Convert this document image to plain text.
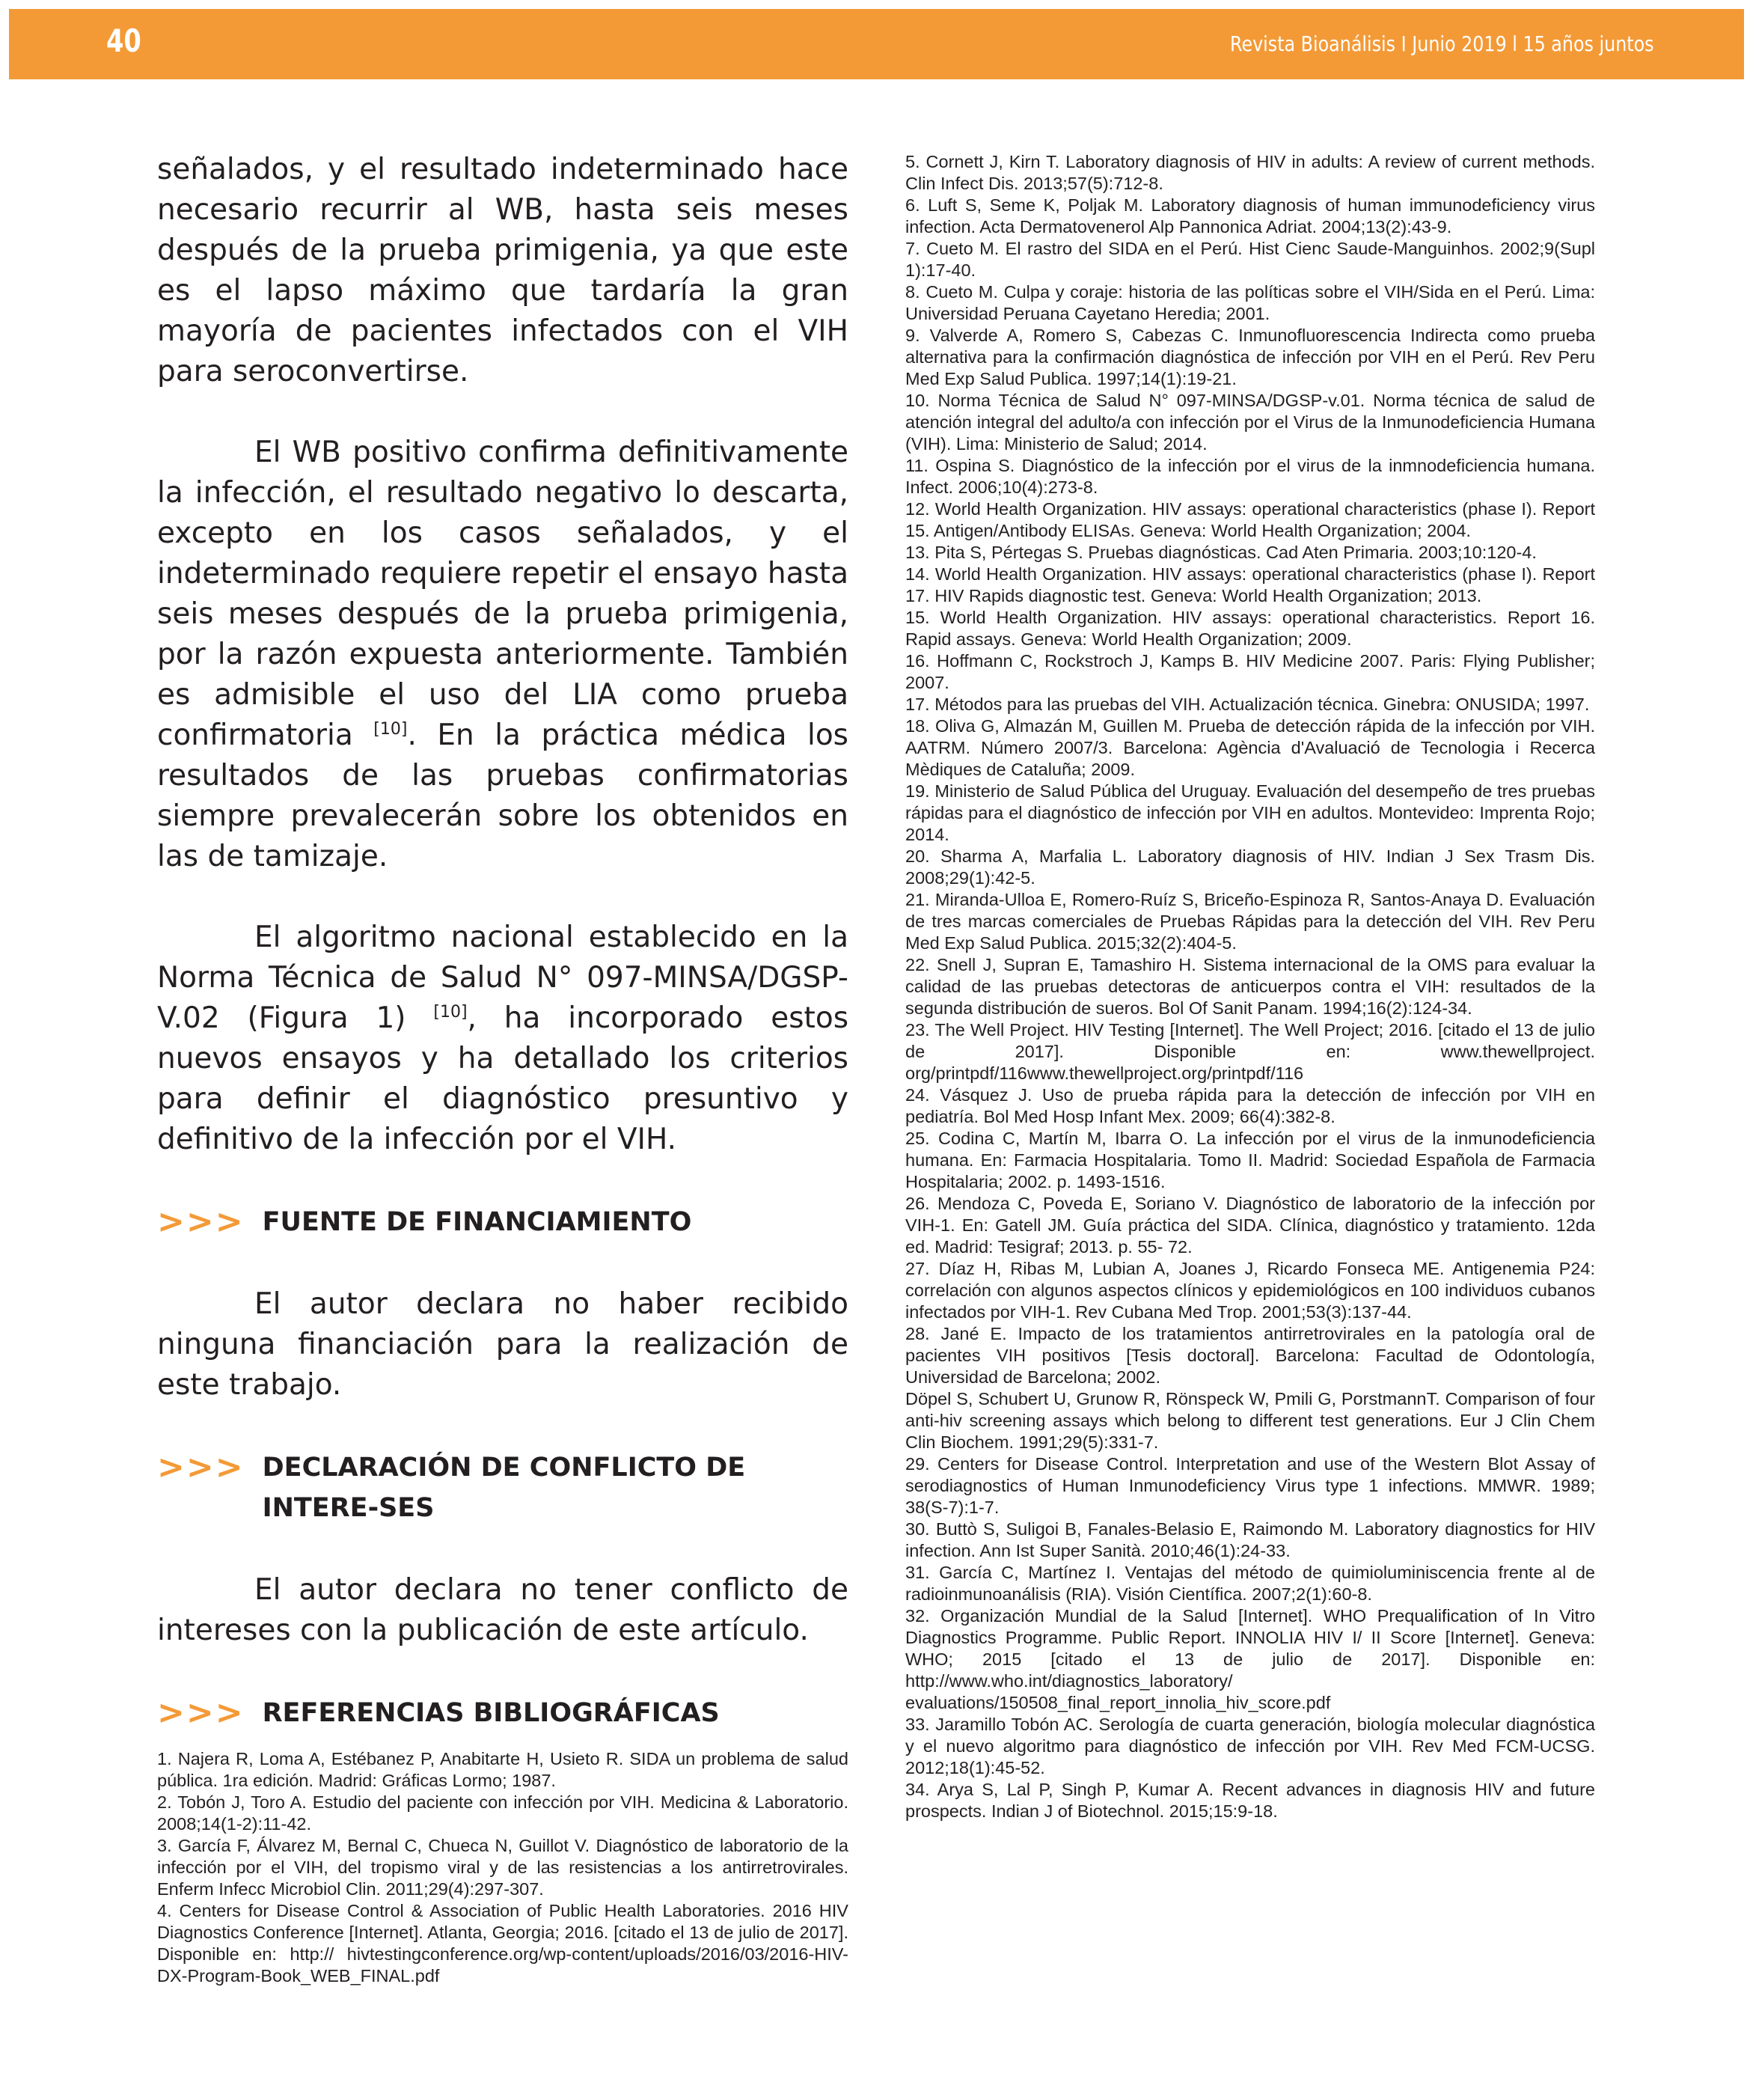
40	Revista Bioanálisis I Junio 2019 l 15 años juntos

señalados, y el resultado indeterminado hace necesario recurrir al WB, hasta seis meses después de la prueba primigenia, ya que este es el lapso máximo que tardaría la gran mayoría de pacientes infectados con el VIH para seroconvertirse.

El WB positivo confirma definitivamente la infección, el resultado negativo lo descarta, excepto en los casos señalados, y el indeterminado requiere repetir el ensayo hasta seis meses después de la prueba primigenia, por la razón expuesta anteriormente. También es admisible el uso del LIA como prueba confirmatoria [10]. En la práctica médica los resultados de las pruebas confirmatorias siempre prevalecerán sobre los obtenidos en las de tamizaje.

El algoritmo nacional establecido en la Norma Técnica de Salud N° 097-MINSA/DGSP-V.02 (Figura 1) [10], ha incorporado estos nuevos ensayos y ha detallado los criterios para definir el diagnóstico presuntivo y definitivo de la infección por el VIH.

>>> FUENTE DE FINANCIAMIENTO

El autor declara no haber recibido ninguna financiación para la realización de este trabajo.

>>> DECLARACIÓN DE CONFLICTO DE INTERE-SES

El autor declara no tener conflicto de intereses con la publicación de este artículo.

>>> REFERENCIAS BIBLIOGRÁFICAS
1. Najera R, Loma A, Estébanez P, Anabitarte H, Usieto R. SIDA un problema de salud pública. 1ra edición. Madrid: Gráficas Lormo; 1987.
2. Tobón J, Toro A. Estudio del paciente con infección por VIH. Medicina & Laboratorio. 2008;14(1-2):11-42.
3. García F, Álvarez M, Bernal C, Chueca N, Guillot V. Diagnóstico de laboratorio de la infección por el VIH, del tropismo viral y de las resistencias a los antirretrovirales. Enferm Infecc Microbiol Clin. 2011;29(4):297-307.
4. Centers for Disease Control & Association of Public Health Laboratories. 2016 HIV Diagnostics Conference [Internet]. Atlanta, Georgia; 2016. [citado el 13 de julio de 2017]. Disponible en: http:// hivtestingconference.org/wp-content/uploads/2016/03/2016-HIV- DX-Program-Book_WEB_FINAL.pdf
5. Cornett J, Kirn T. Laboratory diagnosis of HIV in adults: A review of current methods. Clin Infect Dis. 2013;57(5):712-8.
6. Luft S, Seme K, Poljak M. Laboratory diagnosis of human immunodeficiency virus infection. Acta Dermatovenerol Alp Pannonica Adriat. 2004;13(2):43-9.
7. Cueto M. El rastro del SIDA en el Perú. Hist Cienc Saude-Manguinhos. 2002;9(Supl 1):17-40.
8. Cueto M. Culpa y coraje: historia de las políticas sobre el VIH/Sida en el Perú. Lima: Universidad Peruana Cayetano Heredia; 2001.
9. Valverde A, Romero S, Cabezas C. Inmunofluorescencia Indirecta como prueba alternativa para la confirmación diagnóstica de infección por VIH en el Perú. Rev Peru Med Exp Salud Publica. 1997;14(1):19-21.
10. Norma Técnica de Salud N° 097-MINSA/DGSP-v.01. Norma técnica de salud de atención integral del adulto/a con infección por el Virus de la Inmunodeficiencia Humana (VIH). Lima: Ministerio de Salud; 2014.
11. Ospina S. Diagnóstico de la infección por el virus de la inmnodeficiencia humana. Infect. 2006;10(4):273-8.
12. World Health Organization. HIV assays: operational characteristics (phase I). Report 15. Antigen/Antibody ELISAs. Geneva: World Health Organization; 2004.
13. Pita S, Pértegas S. Pruebas diagnósticas. Cad Aten Primaria. 2003;10:120-4.
14. World Health Organization. HIV assays: operational characteristics (phase I). Report 17. HIV Rapids diagnostic test. Geneva: World Health Organization; 2013.
15. World Health Organization. HIV assays: operational characteristics. Report 16. Rapid assays. Geneva: World Health Organization; 2009.
16. Hoffmann C, Rockstroch J, Kamps B. HIV Medicine 2007. Paris: Flying Publisher; 2007.
17. Métodos para las pruebas del VIH. Actualización técnica. Ginebra: ONUSIDA; 1997.
18. Oliva G, Almazán M, Guillen M. Prueba de detección rápida de la infección por VIH. AATRM. Número 2007/3. Barcelona: Agència d'Avaluació de Tecnologia i Recerca Mèdiques de Cataluña; 2009.
19. Ministerio de Salud Pública del Uruguay. Evaluación del desempeño de tres pruebas rápidas para el diagnóstico de infección por VIH en adultos. Montevideo: Imprenta Rojo; 2014.
20. Sharma A, Marfalia L. Laboratory diagnosis of HIV. Indian J Sex Trasm Dis. 2008;29(1):42-5.
21. Miranda-Ulloa E, Romero-Ruíz S, Briceño-Espinoza R, Santos-Anaya D. Evaluación de tres marcas comerciales de Pruebas Rápidas para la detección del VIH. Rev Peru Med Exp Salud Publica. 2015;32(2):404-5.
22. Snell J, Supran E, Tamashiro H. Sistema internacional de la OMS para evaluar la calidad de las pruebas detectoras de anticuerpos contra el VIH: resultados de la segunda distribución de sueros. Bol Of Sanit Panam. 1994;16(2):124-34.
23. The Well Project. HIV Testing [Internet]. The Well Project; 2016. [citado el 13 de julio de 2017]. Disponible en: www.thewellproject. org/printpdf/116www.thewellproject.org/printpdf/116
24. Vásquez J. Uso de prueba rápida para la detección de infección por VIH en pediatría. Bol Med Hosp Infant Mex. 2009; 66(4):382-8.
25. Codina C, Martín M, Ibarra O. La infección por el virus de la inmunodeficiencia humana. En: Farmacia Hospitalaria. Tomo II. Madrid: Sociedad Española de Farmacia Hospitalaria; 2002. p. 1493-1516.
26. Mendoza C, Poveda E, Soriano V. Diagnóstico de laboratorio de la infección por VIH-1. En: Gatell JM. Guía práctica del SIDA. Clínica, diagnóstico y tratamiento. 12da ed. Madrid: Tesigraf; 2013. p. 55- 72.
27. Díaz H, Ribas M, Lubian A, Joanes J, Ricardo Fonseca ME. Antigenemia P24: correlación con algunos aspectos clínicos y epidemiológicos en 100 individuos cubanos infectados por VIH-1. Rev Cubana Med Trop. 2001;53(3):137-44.
28. Jané E. Impacto de los tratamientos antirretrovirales en la patología oral de pacientes VIH positivos [Tesis doctoral]. Barcelona: Facultad de Odontología, Universidad de Barcelona; 2002.
Döpel S, Schubert U, Grunow R, Rönspeck W, Pmili G, PorstmannT. Comparison of four anti-hiv screening assays which belong to different test generations. Eur J Clin Chem Clin Biochem. 1991;29(5):331-7.
29. Centers for Disease Control. Interpretation and use of the Western Blot Assay of serodiagnostics of Human Inmunodeficiency Virus type 1 infections. MMWR. 1989; 38(S-7):1-7.
30. Buttò S, Suligoi B, Fanales-Belasio E, Raimondo M. Laboratory diagnostics for HIV infection. Ann Ist Super Sanità. 2010;46(1):24-33.
31. García C, Martínez I. Ventajas del método de quimioluminiscencia frente al de radioinmunoanálisis (RIA). Visión Científica. 2007;2(1):60-8.
32. Organización Mundial de la Salud [Internet]. WHO Prequalification of In Vitro Diagnostics Programme. Public Report. INNOLIA HIV I/ II Score [Internet]. Geneva: WHO; 2015 [citado el 13 de julio de 2017]. Disponible en: http://www.who.int/diagnostics_laboratory/ evaluations/150508_final_report_innolia_hiv_score.pdf
33. Jaramillo Tobón AC. Serología de cuarta generación, biología molecular diagnóstica y el nuevo algoritmo para diagnóstico de infección por VIH. Rev Med FCM-UCSG. 2012;18(1):45-52.
34. Arya S, Lal P, Singh P, Kumar A. Recent advances in diagnosis HIV and future prospects. Indian J of Biotechnol. 2015;15:9-18.
